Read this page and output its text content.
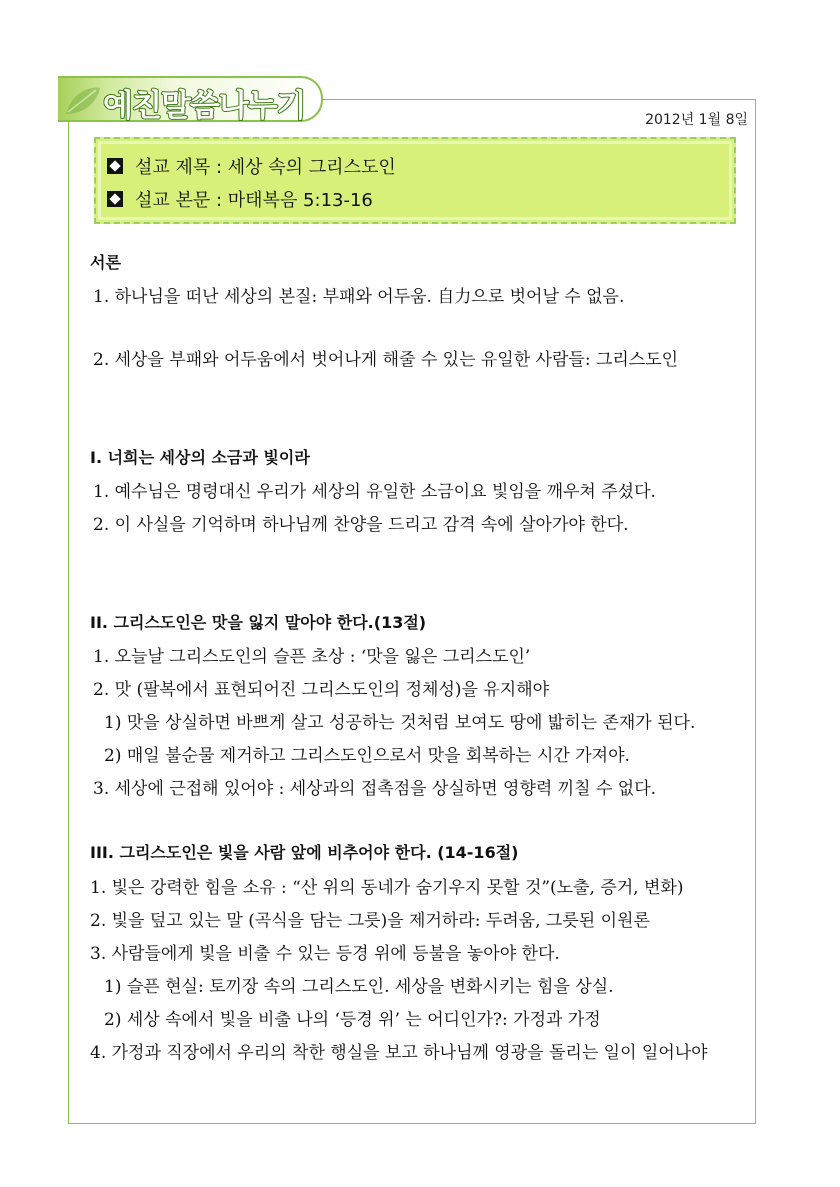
예친말씀나누기	2012년 1월 8일
설교 제목 : 세상 속의 그리스도인
설교 본문 : 마태복음 5:13-16
서론
1. 하나님을 떠난 세상의 본질: 부패와 어두움. 自力으로 벗어날 수 없음.
2. 세상을 부패와 어두움에서 벗어나게 해줄 수 있는 유일한 사람들: 그리스도인
I. 너희는 세상의 소금과 빛이라
1. 예수님은 명령대신 우리가 세상의 유일한 소금이요 빛임을 깨우쳐 주셨다.
2. 이 사실을 기억하며 하나님께 찬양을 드리고 감격 속에 살아가야 한다.
II. 그리스도인은 맛을 잃지 말아야 한다.(13절)
1. 오늘날 그리스도인의 슬픈 초상 : ‘맛을 잃은 그리스도인’
2. 맛 (팔복에서 표현되어진 그리스도인의 정체성)을 유지해야
1) 맛을 상실하면 바쁘게 살고 성공하는 것처럼 보여도 땅에 밟히는 존재가 된다.
2) 매일 불순물 제거하고 그리스도인으로서 맛을 회복하는 시간 가져야.
3. 세상에 근접해 있어야 : 세상과의 접촉점을 상실하면 영향력 끼칠 수 없다.
III. 그리스도인은 빛을 사람 앞에 비추어야 한다. (14-16절)
1. 빛은 강력한 힘을 소유 : “산 위의 동네가 숨기우지 못할 것”(노출, 증거, 변화)
2. 빛을 덮고 있는 말 (곡식을 담는 그릇)을 제거하라: 두려움, 그릇된 이원론
3. 사람들에게 빛을 비출 수 있는 등경 위에 등불을 놓아야 한다.
1) 슬픈 현실: 토끼장 속의 그리스도인. 세상을 변화시키는 힘을 상실.
2) 세상 속에서 빛을 비출 나의 ‘등경 위’ 는 어디인가?: 가정과 가정
4. 가정과 직장에서 우리의 착한 행실을 보고 하나님께 영광을 돌리는 일이 일어나야
